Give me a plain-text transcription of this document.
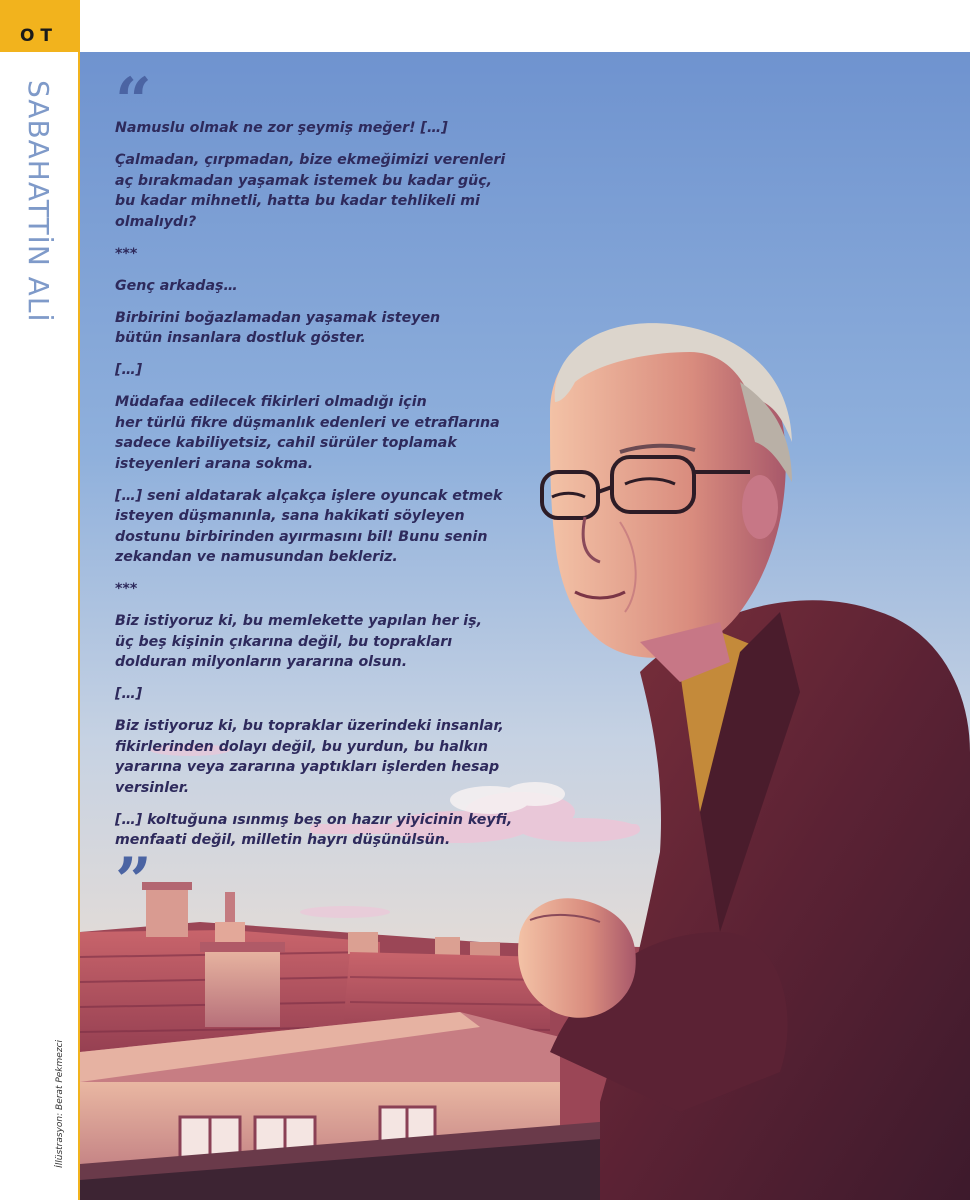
OT
SABAHATTİN ALİ
İllüstrasyon: Berat Pekmezci
“

Namuslu olmak ne zor şeymiş meğer! […]

Çalmadan, çırpmadan, bize ekmeğimizi verenleri
aç bırakmadan yaşamak istemek bu kadar güç,
bu kadar mihnetli, hatta bu kadar tehlikeli mi
olmalıydı?

***

Genç arkadaş…

Birbirini boğazlamadan yaşamak isteyen
bütün insanlara dostluk göster.

[…]

Müdafaa edilecek fikirleri olmadığı için
her türlü fikre düşmanlık edenleri ve etraflarına
sadece kabiliyetsiz, cahil sürüler toplamak
isteyenleri arana sokma.

[…] seni aldatarak alçakça işlere oyuncak etmek
isteyen düşmanınla, sana hakikati söyleyen
dostunu birbirinden ayırmasını bil! Bunu senin
zekandan ve namusundan bekleriz.

***

Biz istiyoruz ki, bu memlekette yapılan her iş,
üç beş kişinin çıkarına değil, bu toprakları
dolduran milyonların yararına olsun.

[…]

Biz istiyoruz ki, bu topraklar üzerindeki insanlar,
fikirlerinden dolayı değil, bu yurdun, bu halkın
yararına veya zararına yaptıkları işlerden hesap
versinler.

[…] koltuğuna ısınmış beş on hazır yiyicinin keyfi,
menfaati değil, milletin hayrı düşünülsün.

”
